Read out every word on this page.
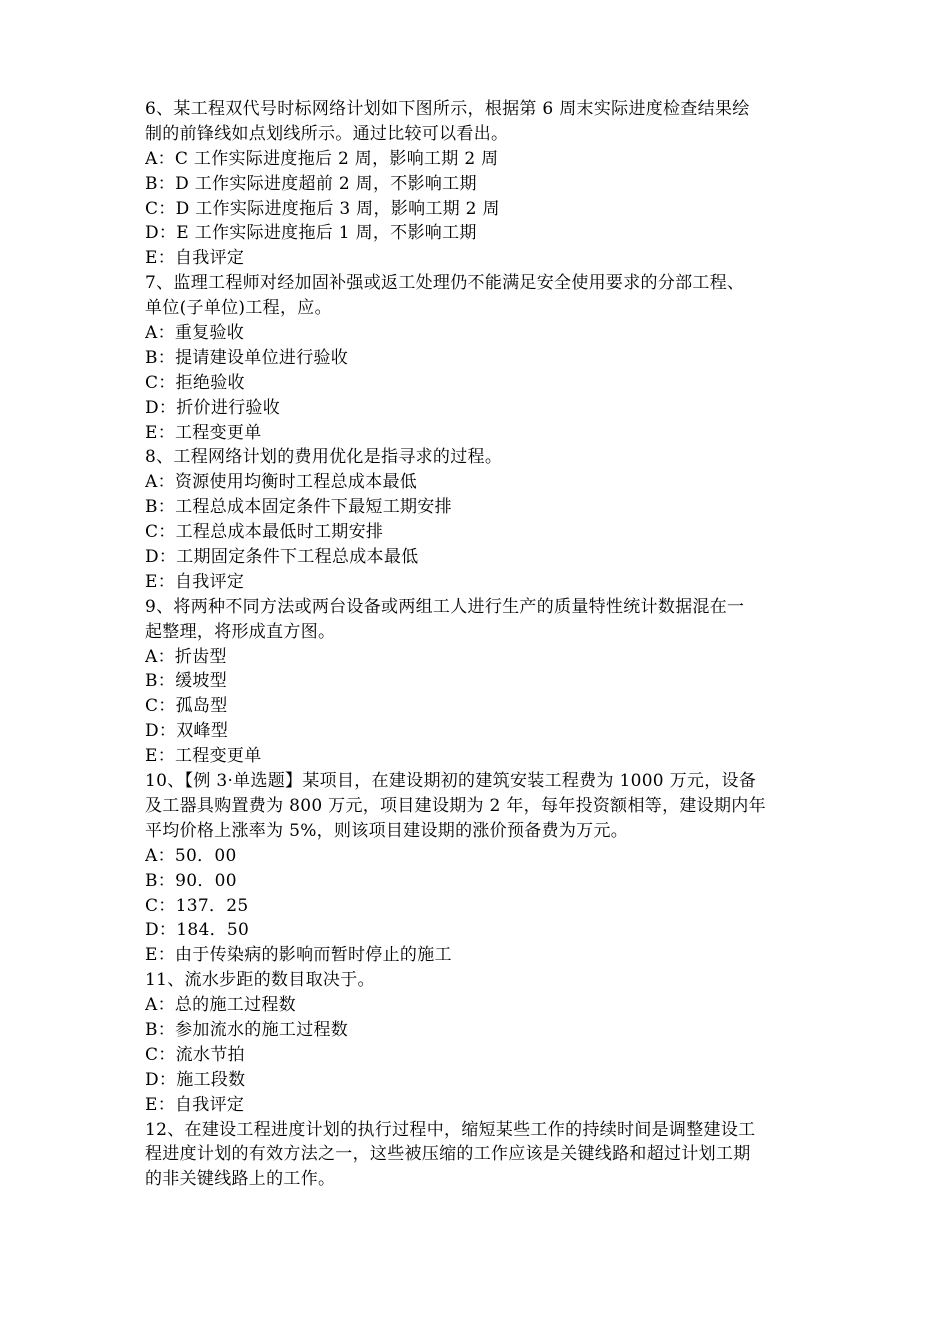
6、某工程双代号时标网络计划如下图所示，根据第 6 周末实际进度检查结果绘
制的前锋线如点划线所示。通过比较可以看出。
A：C 工作实际进度拖后 2 周，影响工期 2 周
B：D 工作实际进度超前 2 周，不影响工期
C：D 工作实际进度拖后 3 周，影响工期 2 周
D：E 工作实际进度拖后 1 周，不影响工期
E：自我评定
7、监理工程师对经加固补强或返工处理仍不能满足安全使用要求的分部工程、
单位(子单位)工程，应。
A：重复验收
B：提请建设单位进行验收
C：拒绝验收
D：折价进行验收
E：工程变更单
8、工程网络计划的费用优化是指寻求的过程。
A：资源使用均衡时工程总成本最低
B：工程总成本固定条件下最短工期安排
C：工程总成本最低时工期安排
D：工期固定条件下工程总成本最低
E：自我评定
9、将两种不同方法或两台设备或两组工人进行生产的质量特性统计数据混在一
起整理，将形成直方图。
A：折齿型
B：缓坡型
C：孤岛型
D：双峰型
E：工程变更单
10、【例 3·单选题】某项目，在建设期初的建筑安装工程费为 1000 万元，设备
及工器具购置费为 800 万元，项目建设期为 2 年，每年投资额相等，建设期内年
平均价格上涨率为 5%，则该项目建设期的涨价预备费为万元。
A：50．00
B：90．00
C：137．25
D：184．50
E：由于传染病的影响而暂时停止的施工
11、流水步距的数目取决于。
A：总的施工过程数
B：参加流水的施工过程数
C：流水节拍
D：施工段数
E：自我评定
12、在建设工程进度计划的执行过程中，缩短某些工作的持续时间是调整建设工
程进度计划的有效方法之一，这些被压缩的工作应该是关键线路和超过计划工期
的非关键线路上的工作。
